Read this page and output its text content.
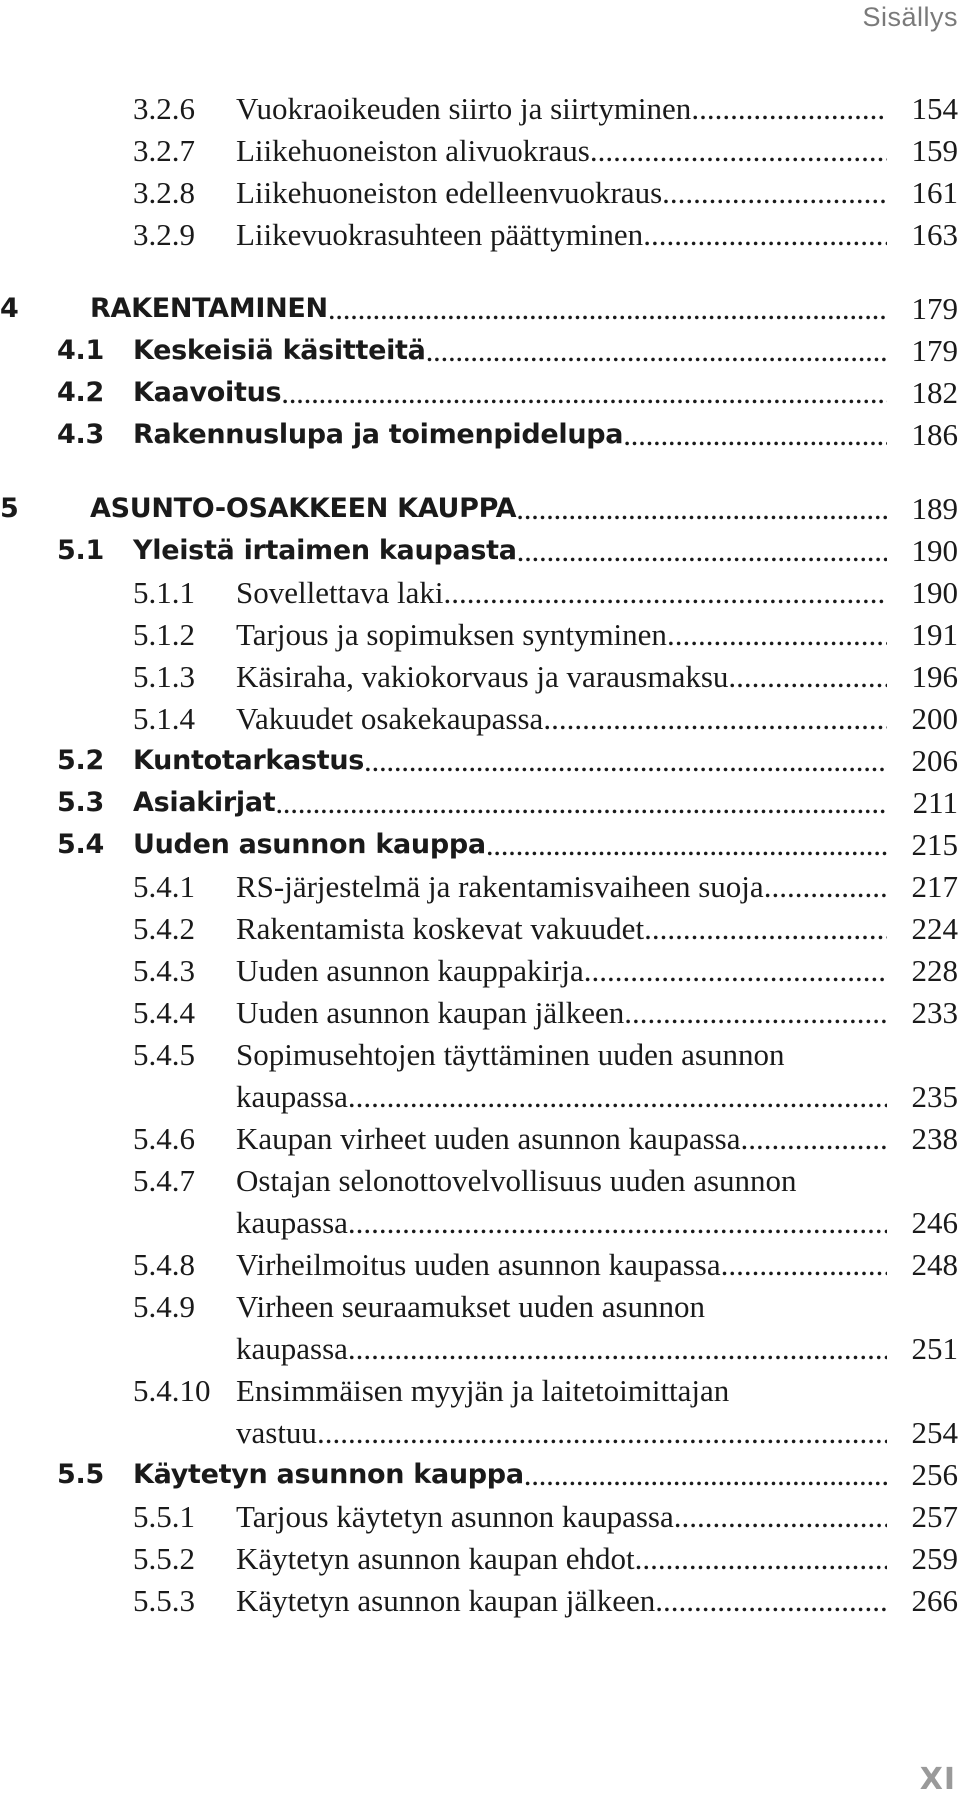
Sisällys
3.2.6 Vuokraoikeuden siirto ja siirtyminen .....	154
3.2.7 Liikehuoneiston alivuokraus .....	159
3.2.8 Liikehuoneiston edelleenvuokraus .....	161
3.2.9 Liikevuokrasuhteen päättyminen .....	163
4	RAKENTAMINEN .....	179
4.1 Keskeisiä käsitteitä .....	179
4.2 Kaavoitus .....	182
4.3 Rakennuslupa ja toimenpidelupa .....	186
5	ASUNTO-OSAKKEEN KAUPPA .....	189
5.1 Yleistä irtaimen kaupasta .....	190
5.1.1 Sovellettava laki .....	190
5.1.2 Tarjous ja sopimuksen syntyminen .....	191
5.1.3 Käsiraha, vakiokorvaus ja varausmaksu .....	196
5.1.4 Vakuudet osakekaupassa .....	200
5.2 Kuntotarkastus .....	206
5.3 Asiakirjat .....	211
5.4 Uuden asunnon kauppa .....	215
5.4.1 RS-järjestelmä ja rakentamisvaiheen suoja .....	217
5.4.2 Rakentamista koskevat vakuudet .....	224
5.4.3 Uuden asunnon kauppakirja .....	228
5.4.4 Uuden asunnon kaupan jälkeen .....	233
5.4.5 Sopimusehtojen täyttäminen uuden asunnon
kaupassa .....	235
5.4.6 Kaupan virheet uuden asunnon kaupassa .....	238
5.4.7 Ostajan selonottovelvollisuus uuden asunnon
kaupassa .....	246
5.4.8 Virheilmoitus uuden asunnon kaupassa .....	248
5.4.9 Virheen seuraamukset uuden asunnon
kaupassa .....	251
5.4.10 Ensimmäisen myyjän ja laitetoimittajan
vastuu .....	254
5.5 Käytetyn asunnon kauppa .....	256
5.5.1 Tarjous käytetyn asunnon kaupassa .....	257
5.5.2 Käytetyn asunnon kaupan ehdot .....	259
5.5.3 Käytetyn asunnon kaupan jälkeen .....	266
XI
